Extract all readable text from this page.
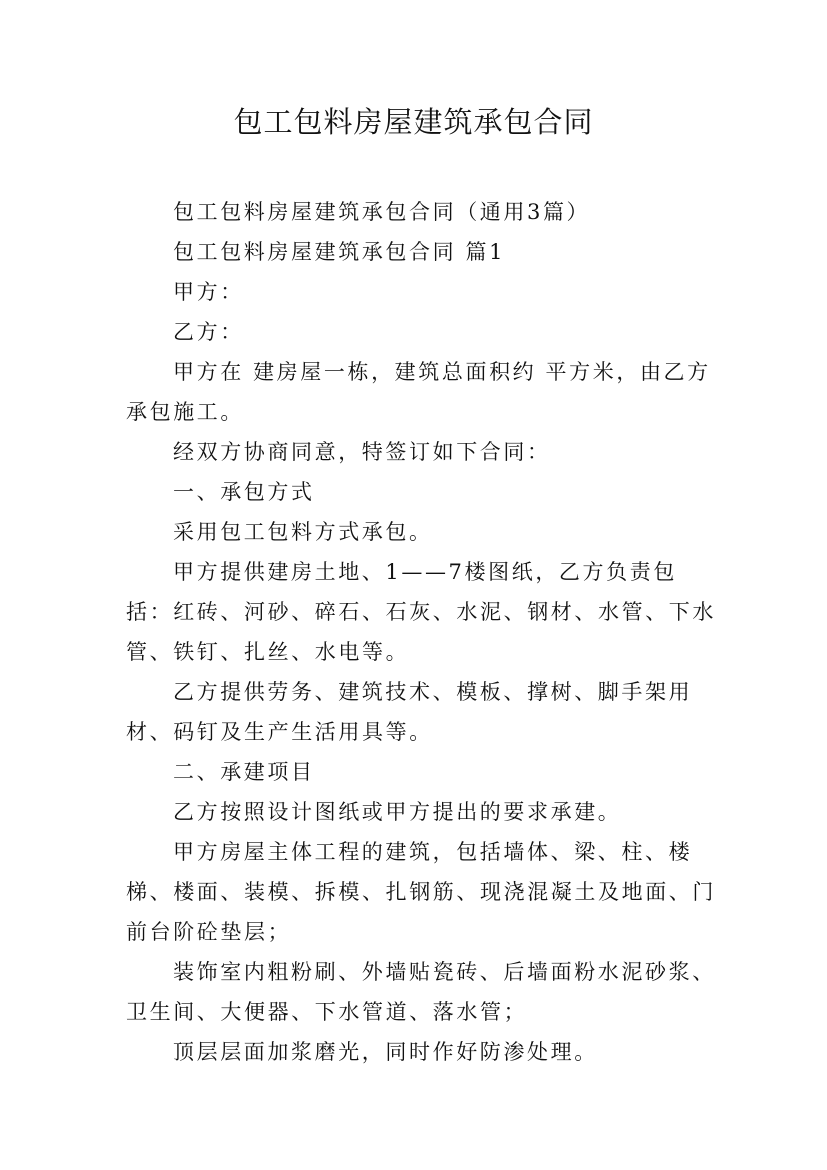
包工包料房屋建筑承包合同

包工包料房屋建筑承包合同（通用3篇）

包工包料房屋建筑承包合同 篇1

甲方：

乙方：

甲方在 建房屋一栋，建筑总面积约 平方米，由乙方承包施工。

经双方协商同意，特签订如下合同：

一、承包方式

采用包工包料方式承包。

甲方提供建房土地、1——7楼图纸，乙方负责包括：红砖、河砂、碎石、石灰、水泥、钢材、水管、下水管、铁钉、扎丝、水电等。

乙方提供劳务、建筑技术、模板、撑树、脚手架用材、码钉及生产生活用具等。

二、承建项目

乙方按照设计图纸或甲方提出的要求承建。

甲方房屋主体工程的建筑，包括墙体、梁、柱、楼梯、楼面、装模、拆模、扎钢筋、现浇混凝土及地面、门前台阶砼垫层；

装饰室内粗粉刷、外墙贴瓷砖、后墙面粉水泥砂浆、卫生间、大便器、下水管道、落水管；

顶层层面加浆磨光，同时作好防渗处理。
